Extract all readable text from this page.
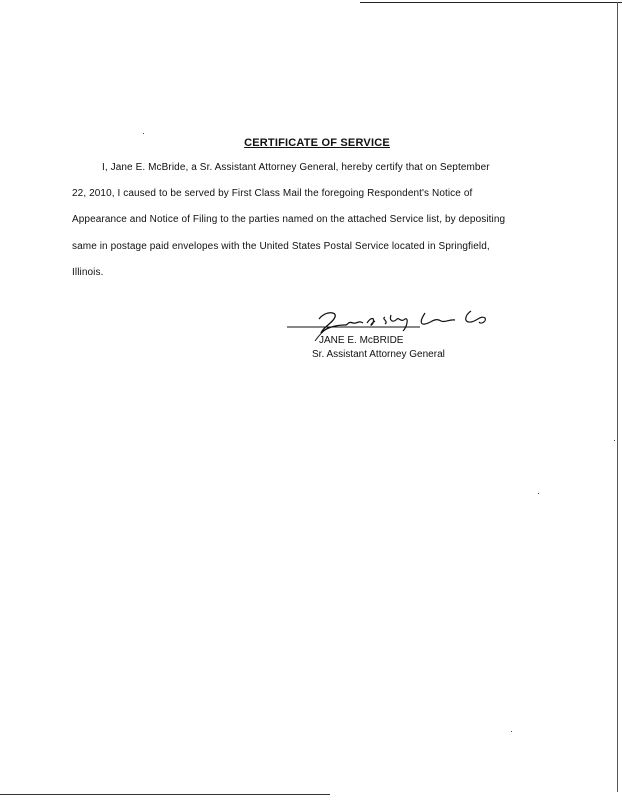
CERTIFICATE OF SERVICE
I, Jane E. McBride, a Sr. Assistant Attorney General, hereby certify that on September
22, 2010, I caused to be served by First Class Mail the foregoing Respondent's Notice of
Appearance and Notice of Filing to the parties named on the attached Service list, by depositing
same in postage paid envelopes with the United States Postal Service located in Springfield,
Illinois.
JANE E. McBRIDE
Sr. Assistant Attorney General
